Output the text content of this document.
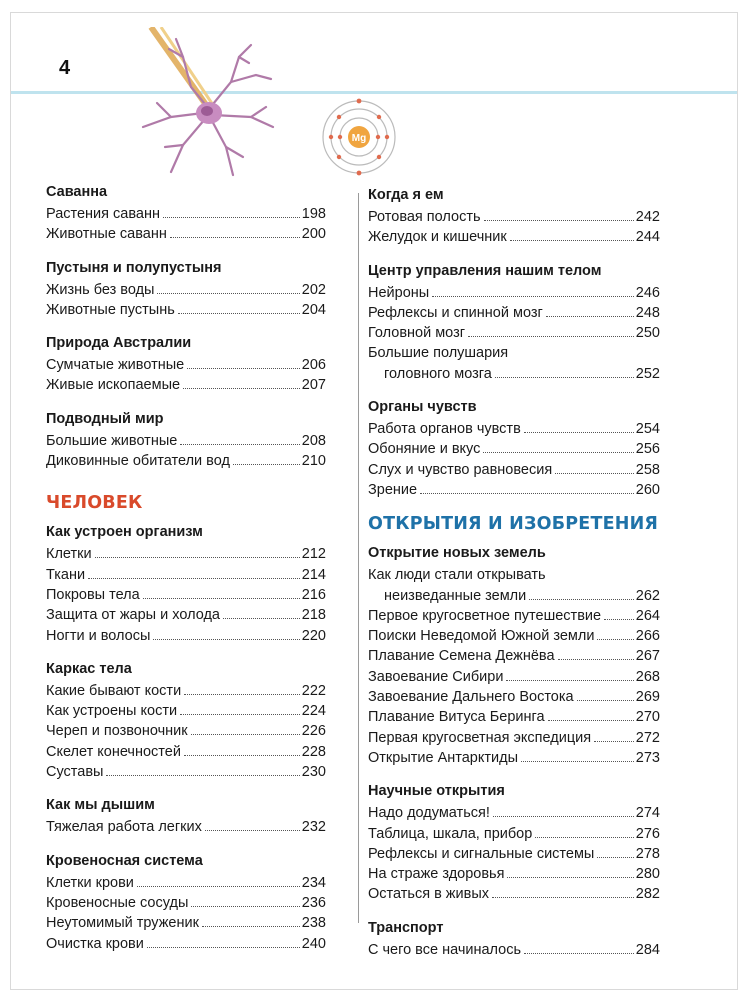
4
Mg
Саванна
Растения саванн	198
Животные саванн	200
Пустыня и полупустыня
Жизнь без воды	202
Животные пустынь	204
Природа Австралии
Сумчатые животные	206
Живые ископаемые	207
Подводный мир
Большие животные	208
Диковинные обитатели вод	210
ЧЕЛОВЕК
Как устроен организм
Клетки	212
Ткани	214
Покровы тела	216
Защита от жары и холода	218
Ногти и волосы	220
Каркас тела
Какие бывают кости	222
Как устроены кости	224
Череп и позвоночник	226
Скелет конечностей	228
Суставы	230
Как мы дышим
Тяжелая работа легких	232
Кровеносная система
Клетки крови	234
Кровеносные сосуды	236
Неутомимый труженик	238
Очистка крови	240
Когда я ем
Ротовая полость	242
Желудок и кишечник	244
Центр управления нашим телом
Нейроны	246
Рефлексы и спинной мозг	248
Головной мозг	250
Большие полушария
головного мозга	252
Органы чувств
Работа органов чувств	254
Обоняние и вкус	256
Слух и чувство равновесия	258
Зрение	260
ОТКРЫТИЯ И ИЗОБРЕТЕНИЯ
Открытие новых земель
Как люди стали открывать
неизведанные земли	262
Первое кругосветное путешествие 264
Поиски Неведомой Южной земли	266
Плавание Семена Дежнёва	267
Завоевание Сибири	268
Завоевание Дальнего Востока	269
Плавание Витуса Беринга	270
Первая кругосветная экспедиция	272
Открытие Антарктиды	273
Научные открытия
Надо додуматься!	274
Таблица, шкала, прибор	276
Рефлексы и сигнальные системы	278
На страже здоровья	280
Остаться в живых	282
Транспорт
С чего все начиналось	284
